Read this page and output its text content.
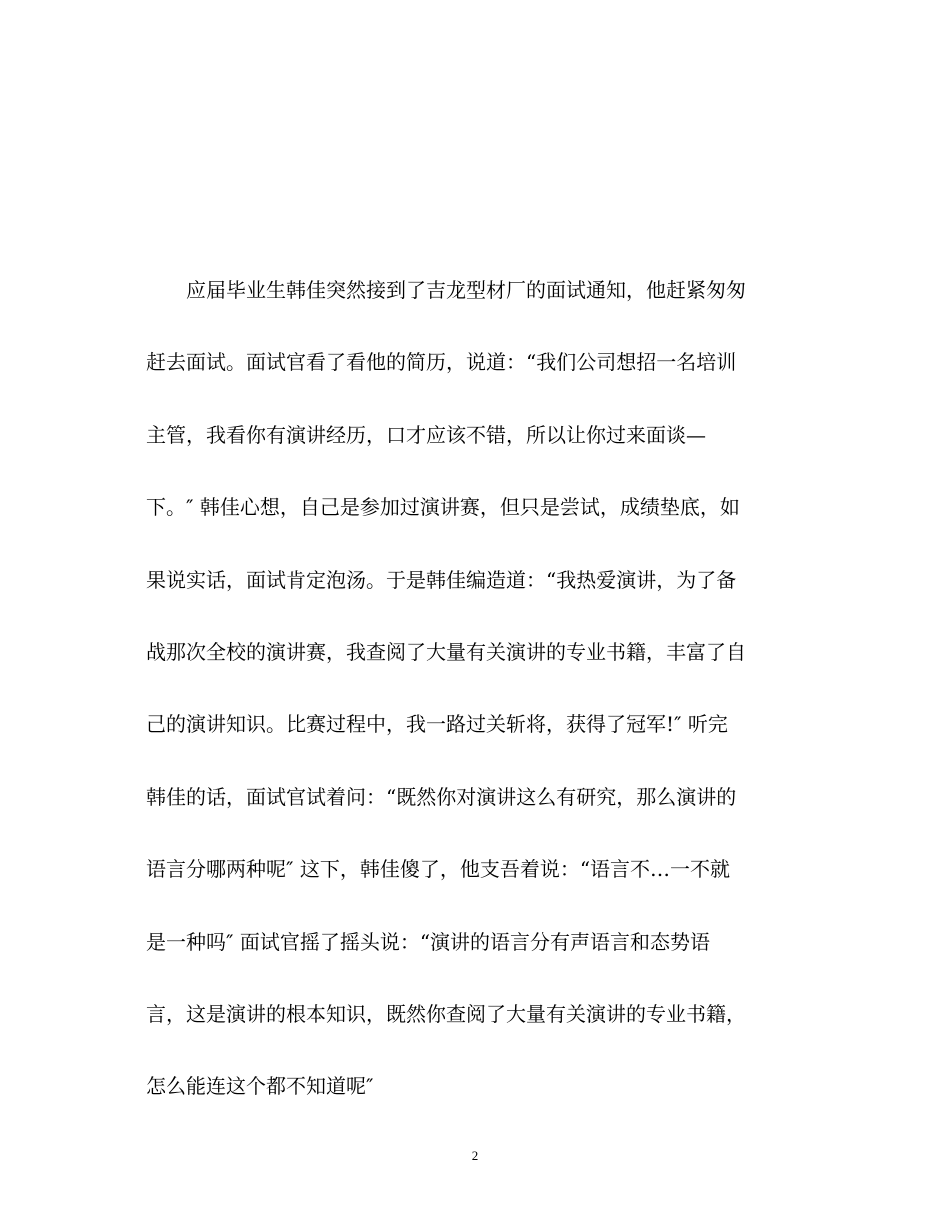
应届毕业生韩佳突然接到了吉龙型材厂的面试通知，他赶紧匆匆
赶去面试。面试官看了看他的简历，说道：“我们公司想招一名培训
主管，我看你有演讲经历，口才应该不错，所以让你过来面谈—
下。″ 韩佳心想，自己是参加过演讲赛，但只是尝试，成绩垫底，如
果说实话，面试肯定泡汤。于是韩佳编造道：“我热爱演讲，为了备
战那次全校的演讲赛，我查阅了大量有关演讲的专业书籍，丰富了自
己的演讲知识。比赛过程中，我一路过关斩将，获得了冠军!″ 听完
韩佳的话，面试官试着问：“既然你对演讲这么有研究，那么演讲的
语言分哪两种呢″ 这下，韩佳傻了，他支吾着说：“语言不…一不就
是一种吗″ 面试官摇了摇头说：“演讲的语言分有声语言和态势语
言，这是演讲的根本知识，既然你查阅了大量有关演讲的专业书籍，
怎么能连这个都不知道呢″
2
